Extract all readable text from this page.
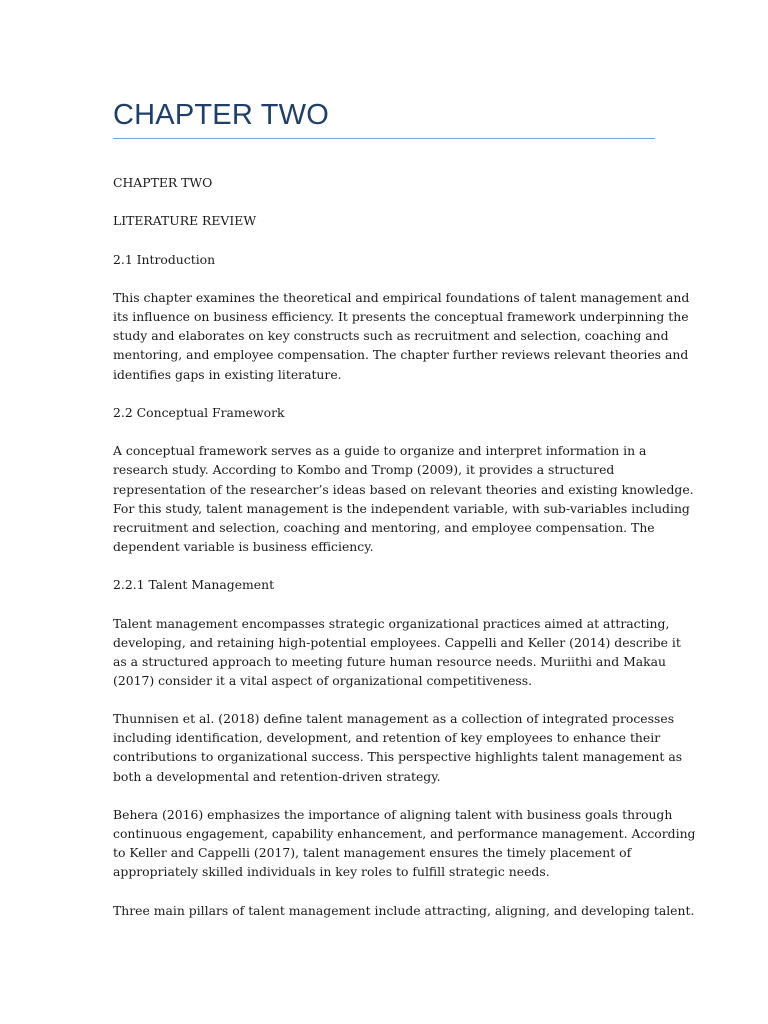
CHAPTER TWO

CHAPTER TWO

LITERATURE REVIEW

2.1 Introduction

This chapter examines the theoretical and empirical foundations of talent management and
its influence on business efficiency. It presents the conceptual framework underpinning the
study and elaborates on key constructs such as recruitment and selection, coaching and
mentoring, and employee compensation. The chapter further reviews relevant theories and
identifies gaps in existing literature.

2.2 Conceptual Framework

A conceptual framework serves as a guide to organize and interpret information in a
research study. According to Kombo and Tromp (2009), it provides a structured
representation of the researcher’s ideas based on relevant theories and existing knowledge.
For this study, talent management is the independent variable, with sub-variables including
recruitment and selection, coaching and mentoring, and employee compensation. The
dependent variable is business efficiency.

2.2.1 Talent Management

Talent management encompasses strategic organizational practices aimed at attracting,
developing, and retaining high-potential employees. Cappelli and Keller (2014) describe it
as a structured approach to meeting future human resource needs. Muriithi and Makau
(2017) consider it a vital aspect of organizational competitiveness.

Thunnisen et al. (2018) define talent management as a collection of integrated processes
including identification, development, and retention of key employees to enhance their
contributions to organizational success. This perspective highlights talent management as
both a developmental and retention-driven strategy.

Behera (2016) emphasizes the importance of aligning talent with business goals through
continuous engagement, capability enhancement, and performance management. According
to Keller and Cappelli (2017), talent management ensures the timely placement of
appropriately skilled individuals in key roles to fulfill strategic needs.

Three main pillars of talent management include attracting, aligning, and developing talent.
